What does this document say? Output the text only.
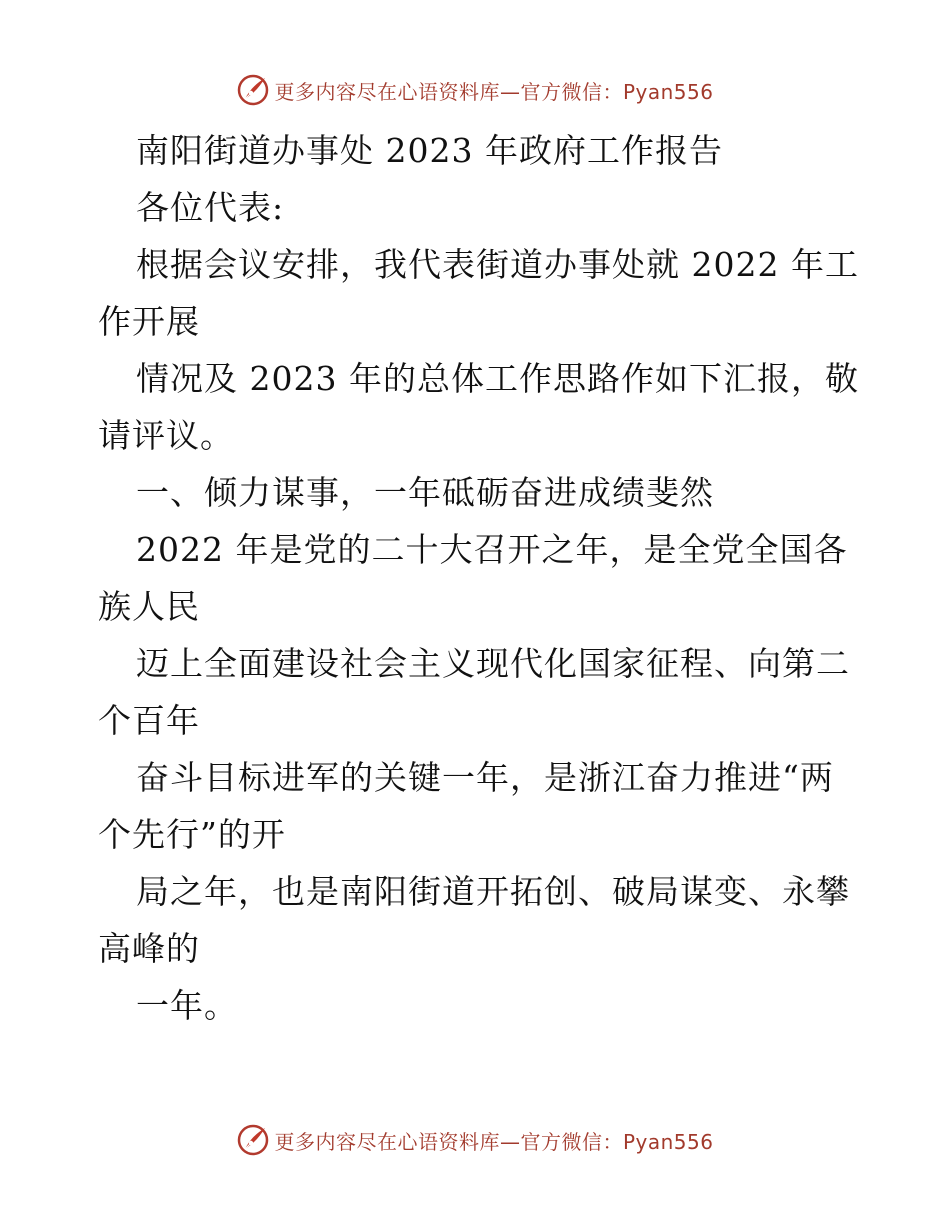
更多内容尽在心语资料库—官方微信：Pyan556
南阳街道办事处 2023 年政府工作报告
各位代表:
根据会议安排，我代表街道办事处就 2022 年工
作开展
情况及 2023 年的总体工作思路作如下汇报，敬
请评议。
一、倾力谋事，一年砥砺奋进成绩斐然
2022 年是党的二十大召开之年，是全党全国各
族人民
迈上全面建设社会主义现代化国家征程、向第二
个百年
奋斗目标进军的关键一年，是浙江奋力推进“两
个先行”的开
局之年，也是南阳街道开拓创、破局谋变、永攀
高峰的
一年。
更多内容尽在心语资料库—官方微信：Pyan556
